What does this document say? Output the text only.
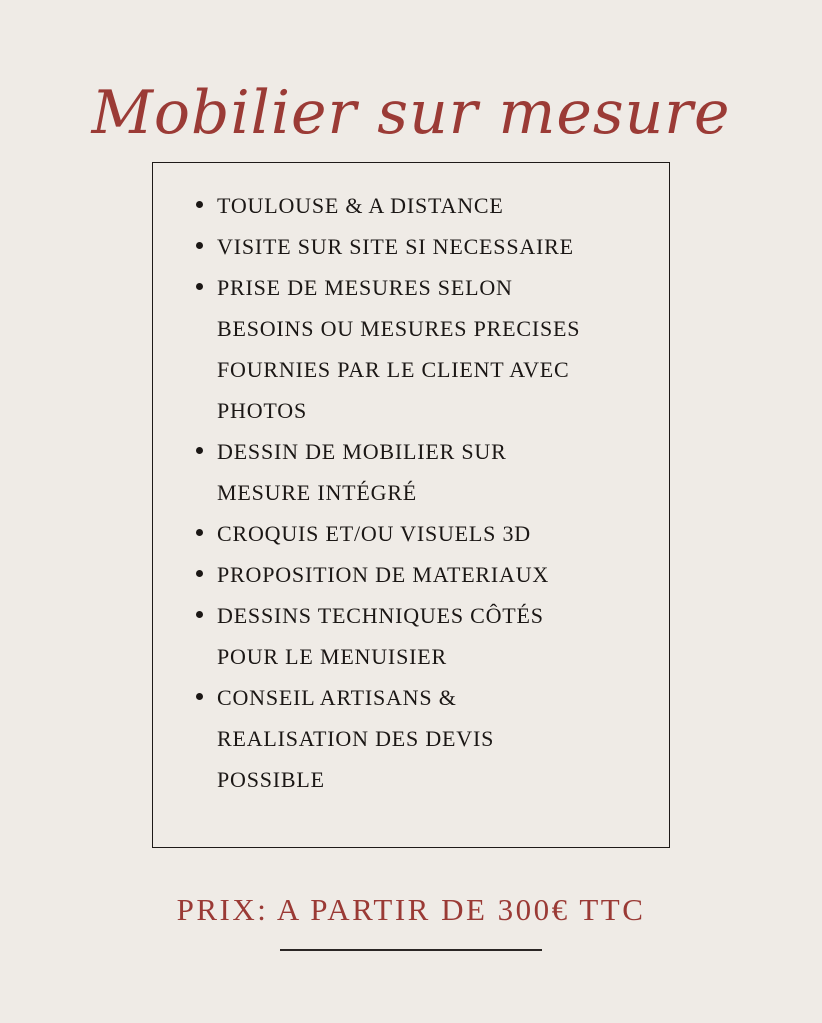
Mobilier sur mesure
TOULOUSE & A DISTANCE
VISITE SUR SITE SI NECESSAIRE
PRISE DE MESURES SELON
BESOINS OU MESURES PRECISES
FOURNIES PAR LE CLIENT AVEC
PHOTOS
DESSIN DE MOBILIER SUR
MESURE INTÉGRÉ
CROQUIS ET/OU VISUELS 3D
PROPOSITION DE MATERIAUX
DESSINS TECHNIQUES CÔTÉS
POUR LE MENUISIER
CONSEIL ARTISANS &
REALISATION DES DEVIS
POSSIBLE
PRIX: A PARTIR DE 300€ TTC
